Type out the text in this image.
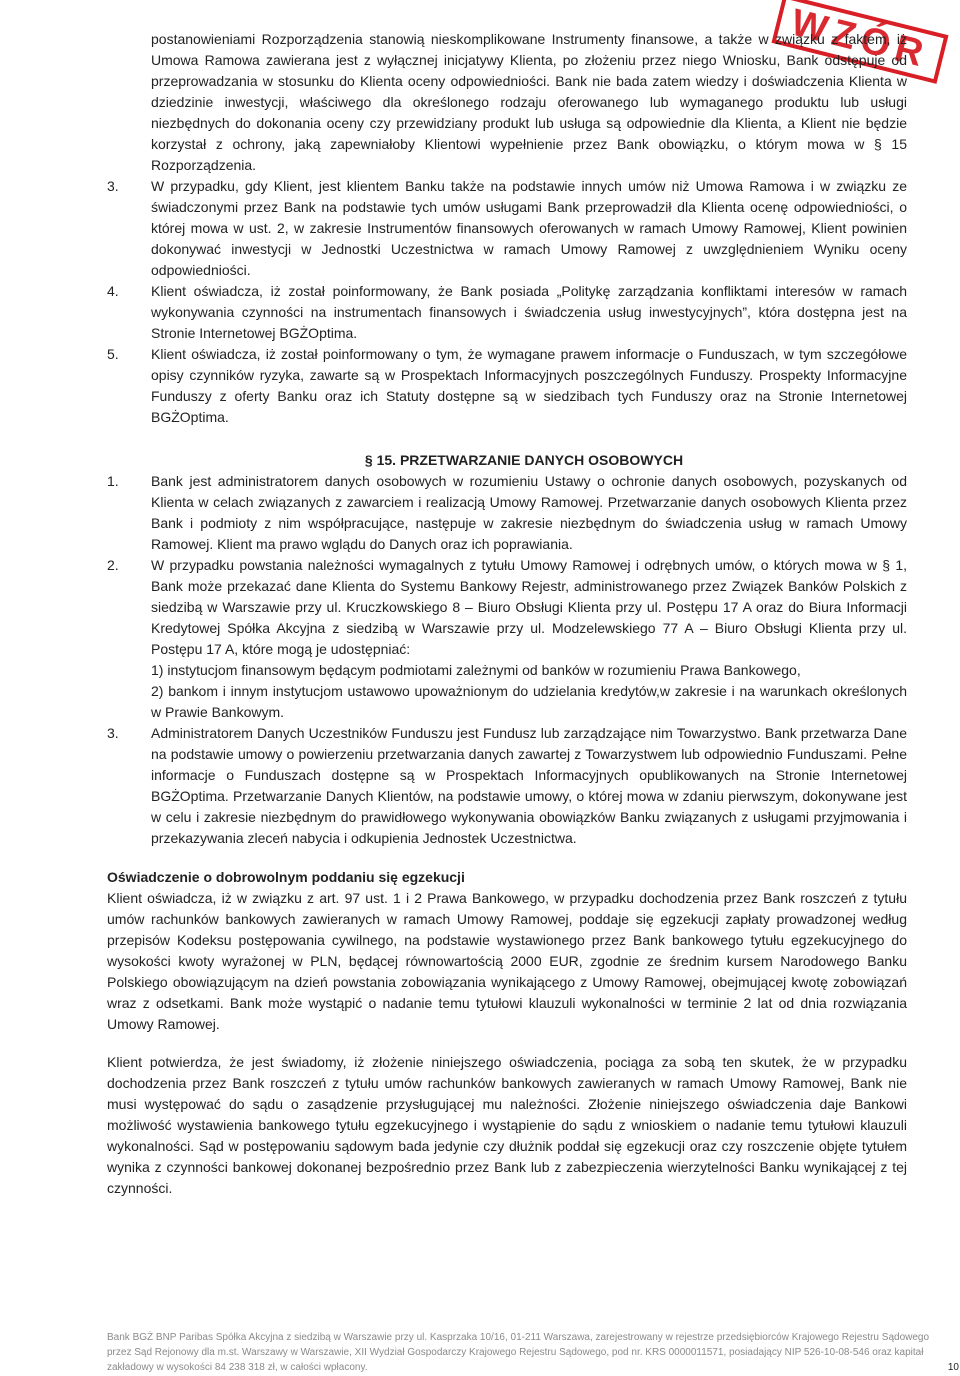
WZÓR

postanowieniami Rozporządzenia stanowią nieskomplikowane Instrumenty finansowe, a także w związku z faktem, iż Umowa Ramowa zawierana jest z wyłącznej inicjatywy Klienta, po złożeniu przez niego Wniosku, Bank odstępuje od przeprowadzania w stosunku do Klienta oceny odpowiedniości. Bank nie bada zatem wiedzy i doświadczenia Klienta w dziedzinie inwestycji, właściwego dla określonego rodzaju oferowanego lub wymaganego produktu lub usługi niezbędnych do dokonania oceny czy przewidziany produkt lub usługa są odpowiednie dla Klienta, a Klient nie będzie korzystał z ochrony, jaką zapewniałoby Klientowi wypełnienie przez Bank obowiązku, o którym mowa w § 15 Rozporządzenia.

3.	W przypadku, gdy Klient, jest klientem Banku także na podstawie innych umów niż Umowa Ramowa i w związku ze świadczonymi przez Bank na podstawie tych umów usługami Bank przeprowadził dla Klienta ocenę odpowiedniości, o której mowa w ust. 2, w zakresie Instrumentów finansowych oferowanych w ramach Umowy Ramowej, Klient powinien dokonywać inwestycji w Jednostki Uczestnictwa w ramach Umowy Ramowej z uwzględnieniem Wyniku oceny odpowiedniości.

4.	Klient oświadcza, iż został poinformowany, że Bank posiada „Politykę zarządzania konfliktami interesów w ramach wykonywania czynności na instrumentach finansowych i świadczenia usług inwestycyjnych”, która dostępna jest na Stronie Internetowej BGŻOptima.

5.	Klient oświadcza, iż został poinformowany o tym, że wymagane prawem informacje o Funduszach, w tym szczegółowe opisy czynników ryzyka, zawarte są w Prospektach Informacyjnych poszczególnych Funduszy. Prospekty Informacyjne Funduszy z oferty Banku oraz ich Statuty dostępne są w siedzibach tych Funduszy oraz na Stronie Internetowej BGŻOptima.

§ 15. PRZETWARZANIE DANYCH OSOBOWYCH

1.	Bank jest administratorem danych osobowych w rozumieniu Ustawy o ochronie danych osobowych, pozyskanych od Klienta w celach związanych z zawarciem i realizacją Umowy Ramowej. Przetwarzanie danych osobowych Klienta przez Bank i podmioty z nim współpracujące, następuje w zakresie niezbędnym do świadczenia usług w ramach Umowy Ramowej. Klient ma prawo wglądu do Danych oraz ich poprawiania.

2.	W przypadku powstania należności wymagalnych z tytułu Umowy Ramowej i odrębnych umów, o których mowa w § 1, Bank może przekazać dane Klienta do Systemu Bankowy Rejestr, administrowanego przez Związek Banków Polskich z siedzibą w Warszawie przy ul. Kruczkowskiego 8 – Biuro Obsługi Klienta przy ul. Postępu 17 A oraz do Biura Informacji Kredytowej Spółka Akcyjna z siedzibą w Warszawie przy ul. Modzelewskiego 77 A – Biuro Obsługi Klienta przy ul. Postępu 17 A, które mogą je udostępniać:

1) instytucjom finansowym będącym podmiotami zależnymi od banków w rozumieniu Prawa Bankowego,

2) bankom i innym instytucjom ustawowo upoważnionym do udzielania kredytów,w zakresie i na warunkach określonych w Prawie Bankowym.

3.	Administratorem Danych Uczestników Funduszu jest Fundusz lub zarządzające nim Towarzystwo. Bank przetwarza Dane na podstawie umowy o powierzeniu przetwarzania danych zawartej z Towarzystwem lub odpowiednio Funduszami. Pełne informacje o Funduszach dostępne są w Prospektach Informacyjnych opublikowanych na Stronie Internetowej BGŻOptima. Przetwarzanie Danych Klientów, na podstawie umowy, o której mowa w zdaniu pierwszym, dokonywane jest w celu i zakresie niezbędnym do prawidłowego wykonywania obowiązków Banku związanych z usługami przyjmowania i przekazywania zleceń nabycia i odkupienia Jednostek Uczestnictwa.

Oświadczenie o dobrowolnym poddaniu się egzekucji

Klient oświadcza, iż w związku z art. 97 ust. 1 i 2 Prawa Bankowego, w przypadku dochodzenia przez Bank roszczeń z tytułu umów rachunków bankowych zawieranych w ramach Umowy Ramowej, poddaje się egzekucji zapłaty prowadzonej według przepisów Kodeksu postępowania cywilnego, na podstawie wystawionego przez Bank bankowego tytułu egzekucyjnego do wysokości kwoty wyrażonej w PLN, będącej równowartością 2000 EUR, zgodnie ze średnim kursem Narodowego Banku Polskiego obowiązującym na dzień powstania zobowiązania wynikającego z Umowy Ramowej, obejmującej kwotę zobowiązań wraz z odsetkami. Bank może wystąpić o nadanie temu tytułowi klauzuli wykonalności w terminie 2 lat od dnia rozwiązania Umowy Ramowej.

Klient potwierdza, że jest świadomy, iż złożenie niniejszego oświadczenia, pociąga za sobą ten skutek, że w przypadku dochodzenia przez Bank roszczeń z tytułu umów rachunków bankowych zawieranych w ramach Umowy Ramowej, Bank nie musi występować do sądu o zasądzenie przysługującej mu należności. Złożenie niniejszego oświadczenia daje Bankowi możliwość wystawienia bankowego tytułu egzekucyjnego i wystąpienie do sądu z wnioskiem o nadanie temu tytułowi klauzuli wykonalności. Sąd w postępowaniu sądowym bada jedynie czy dłużnik poddał się egzekucji oraz czy roszczenie objęte tytułem wynika z czynności bankowej dokonanej bezpośrednio przez Bank lub z zabezpieczenia wierzytelności Banku wynikającej z tej czynności.

Bank BGŻ BNP Paribas Spółka Akcyjna z siedzibą w Warszawie przy ul. Kasprzaka 10/16, 01-211 Warszawa, zarejestrowany w rejestrze przedsiębiorców Krajowego Rejestru Sądowego
przez Sąd Rejonowy dla m.st. Warszawy w Warszawie, XII Wydział Gospodarczy Krajowego Rejestru Sądowego, pod nr. KRS 0000011571, posiadający NIP 526-10-08-546 oraz kapitał
zakładowy w wysokości 84 238 318 zł, w całości wpłacony.	10
